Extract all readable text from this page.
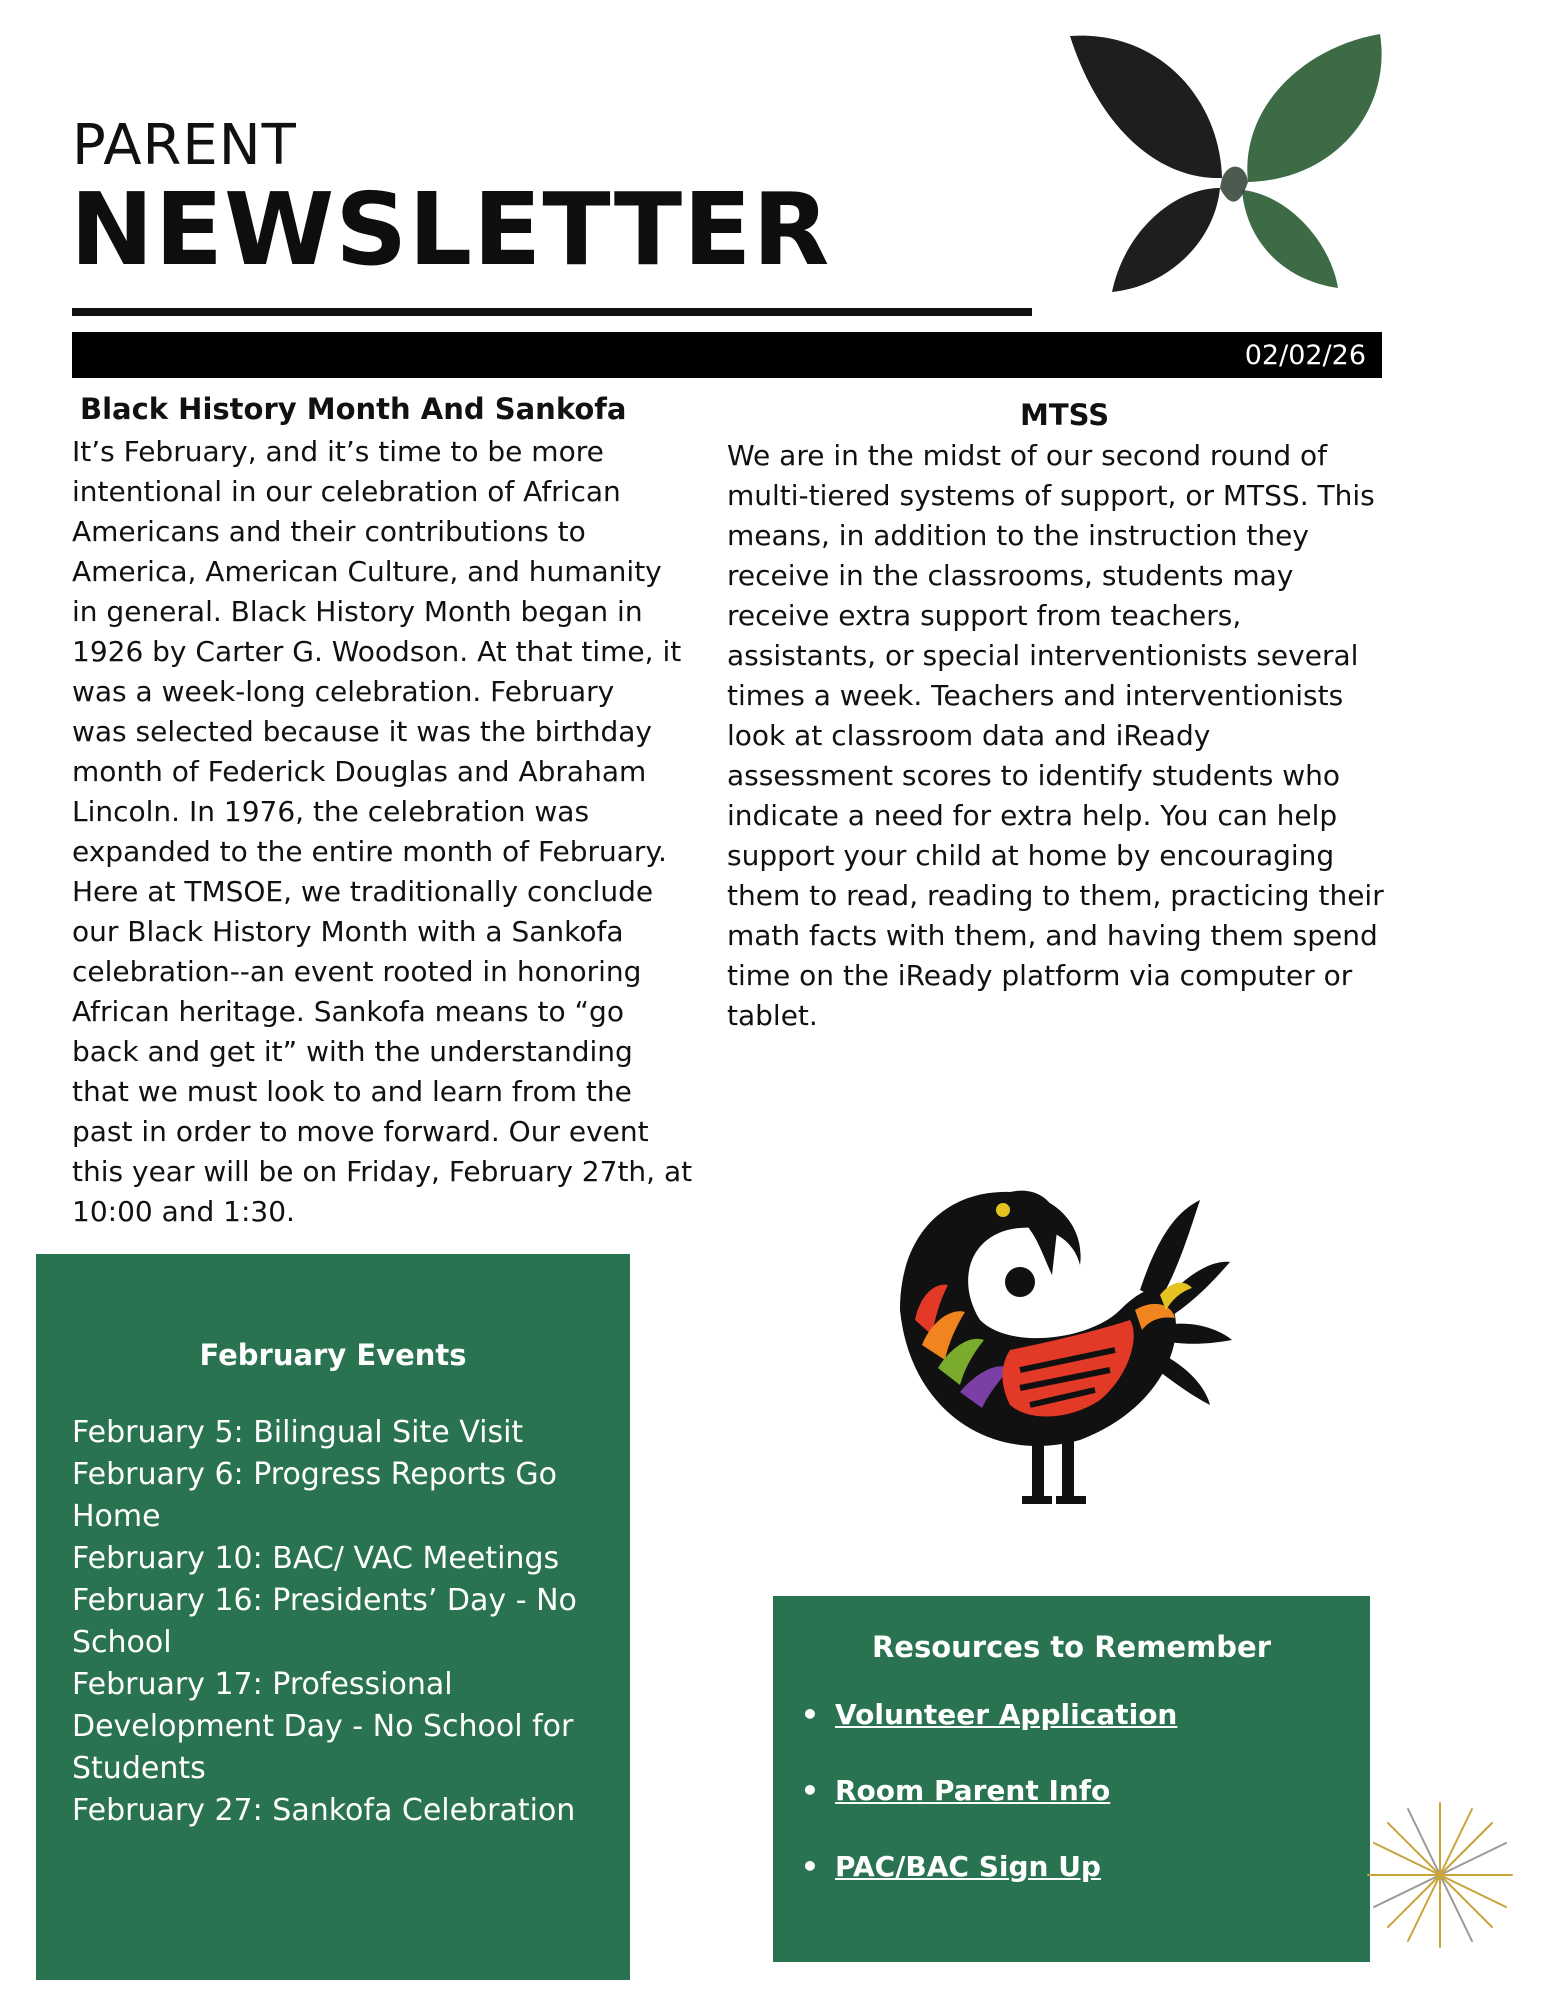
PARENT
NEWSLETTER
02/02/26
Black History Month And Sankofa
It’s February, and it’s time to be more
intentional in our celebration of African
Americans and their contributions to
America, American Culture, and humanity
in general. Black History Month began in
1926 by Carter G. Woodson. At that time, it
was a week-long celebration. February
was selected because it was the birthday
month of Federick Douglas and Abraham
Lincoln. In 1976, the celebration was
expanded to the entire month of February.
Here at TMSOE, we traditionally conclude
our Black History Month with a Sankofa
celebration--an event rooted in honoring
African heritage. Sankofa means to “go
back and get it” with the understanding
that we must look to and learn from the
past in order to move forward. Our event
this year will be on Friday, February 27th, at
10:00 and 1:30.
MTSS
We are in the midst of our second round of
multi-tiered systems of support, or MTSS. This
means, in addition to the instruction they
receive in the classrooms, students may
receive extra support from teachers,
assistants, or special interventionists several
times a week. Teachers and interventionists
look at classroom data and iReady
assessment scores to identify students who
indicate a need for extra help. You can help
support your child at home by encouraging
them to read, reading to them, practicing their
math facts with them, and having them spend
time on the iReady platform via computer or
tablet.
February Events
February 5: Bilingual Site Visit
February 6: Progress Reports Go
Home
February 10: BAC/ VAC Meetings
February 16: Presidents’ Day - No
School
February 17: Professional
Development Day - No School for
Students
February 27: Sankofa Celebration
Resources to Remember
• Volunteer Application
• Room Parent Info
• PAC/BAC Sign Up
